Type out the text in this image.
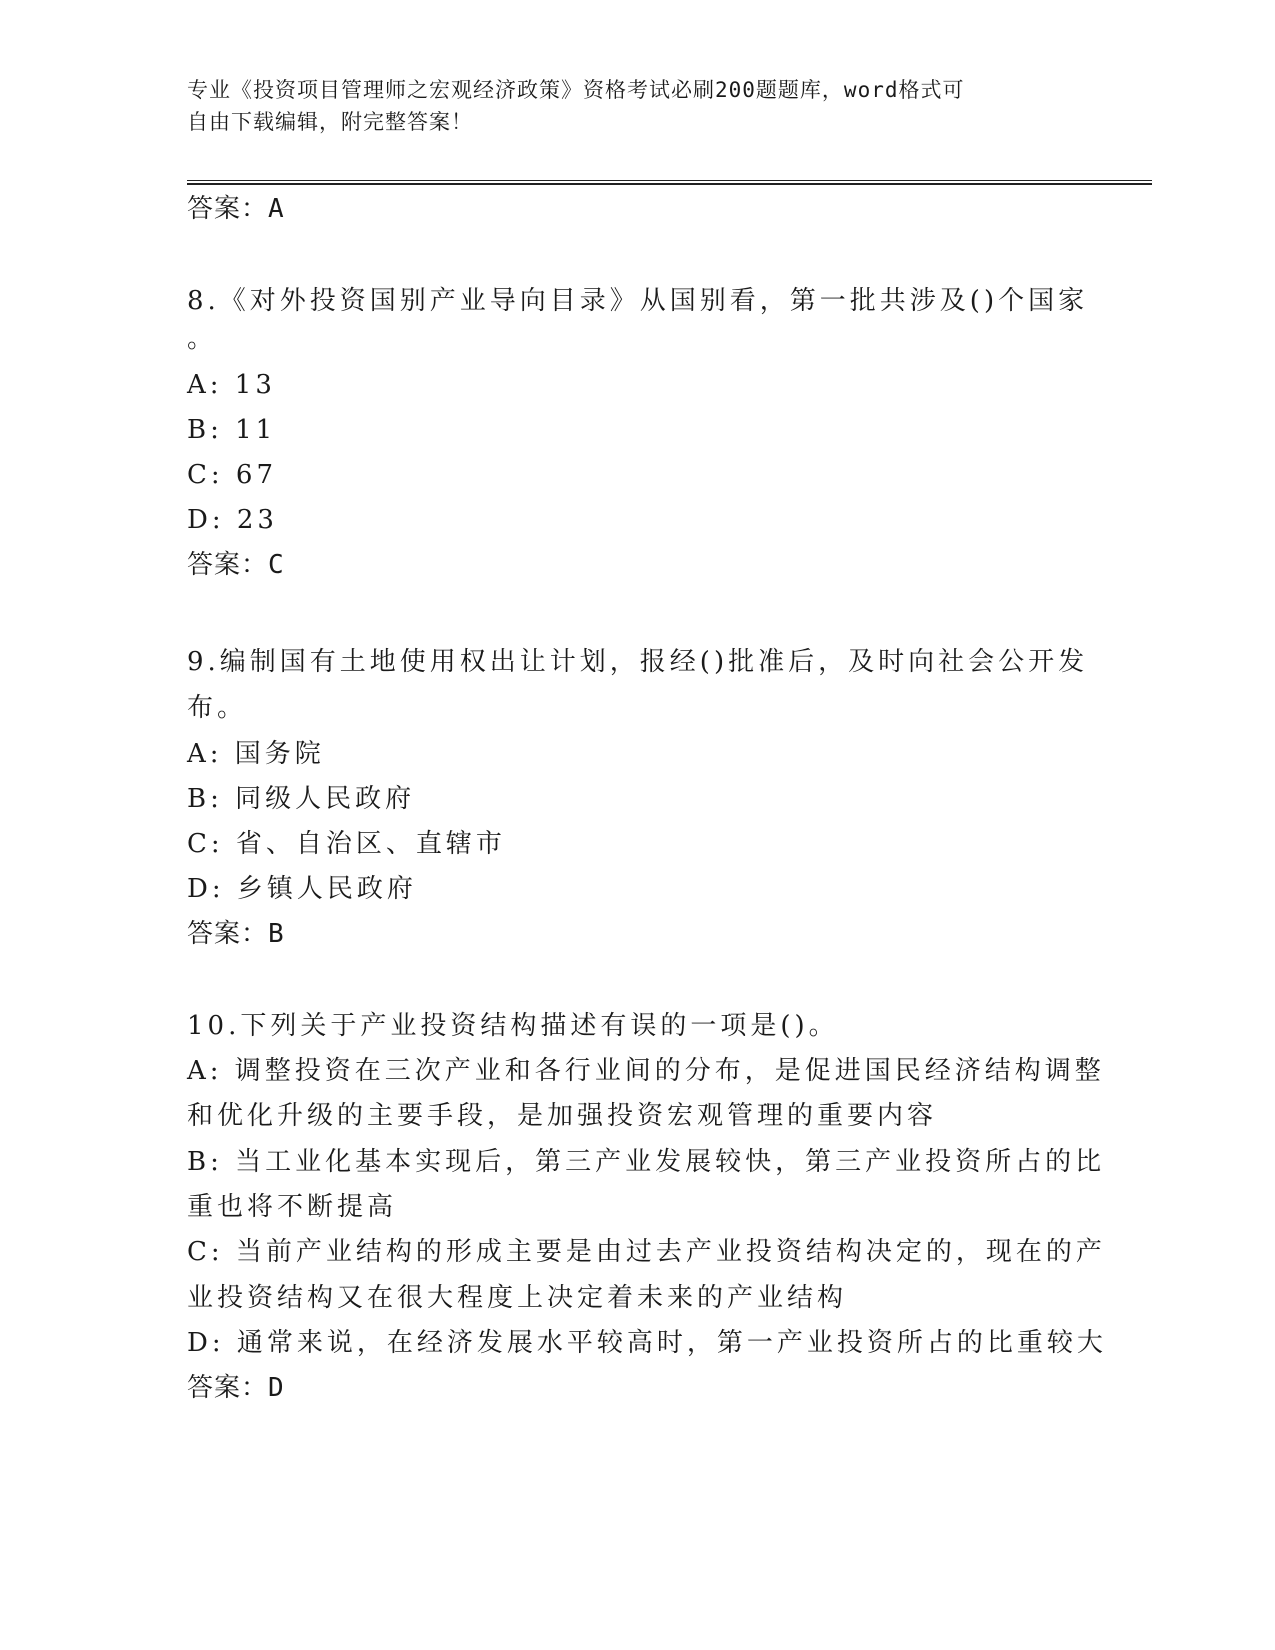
专业《投资项目管理师之宏观经济政策》资格考试必刷200题题库，word格式可
自由下载编辑，附完整答案！
答案：A
8.《对外投资国别产业导向目录》从国别看，第一批共涉及()个国家
。
A: 13
B: 11
C: 67
D: 23
答案：C
9.编制国有土地使用权出让计划，报经()批准后，及时向社会公开发
布。
A: 国务院
B: 同级人民政府
C: 省、自治区、直辖市
D: 乡镇人民政府
答案：B
10.下列关于产业投资结构描述有误的一项是()。
A: 调整投资在三次产业和各行业间的分布，是促进国民经济结构调整
和优化升级的主要手段，是加强投资宏观管理的重要内容
B: 当工业化基本实现后，第三产业发展较快，第三产业投资所占的比
重也将不断提高
C: 当前产业结构的形成主要是由过去产业投资结构决定的，现在的产
业投资结构又在很大程度上决定着未来的产业结构
D: 通常来说，在经济发展水平较高时，第一产业投资所占的比重较大
答案：D
